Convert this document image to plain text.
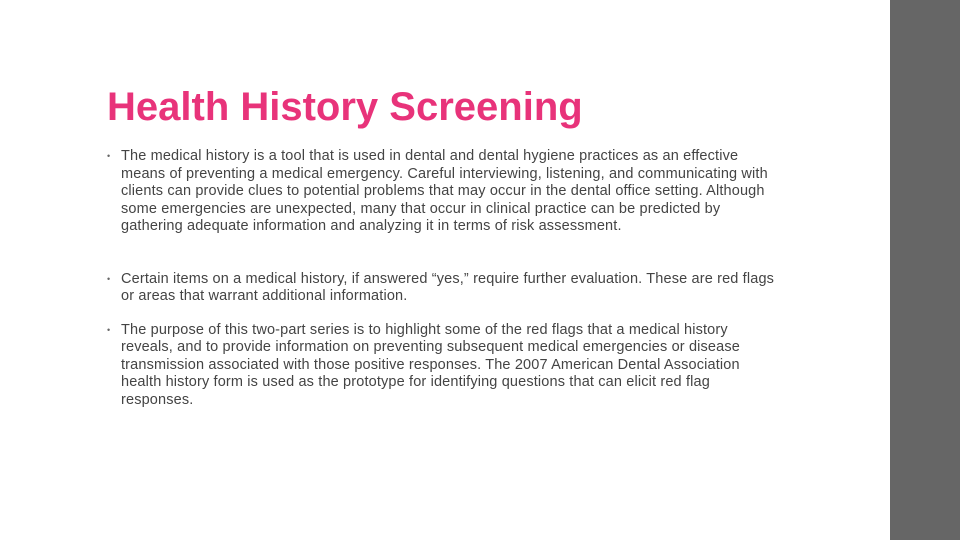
Health History Screening
• The medical history is a tool that is used in dental and dental hygiene practices as an effective means of preventing a medical emergency. Careful interviewing, listening, and communicating with clients can provide clues to potential problems that may occur in the dental office setting. Although some emergencies are unexpected, many that occur in clinical practice can be predicted by gathering adequate information and analyzing it in terms of risk assessment.
• Certain items on a medical history, if answered “yes,” require further evaluation. These are red flags or areas that warrant additional information.
• The purpose of this two-part series is to highlight some of the red flags that a medical history reveals, and to provide information on preventing subsequent medical emergencies or disease transmission associated with those positive responses. The 2007 American Dental Association health history form is used as the prototype for identifying questions that can elicit red flag responses.
